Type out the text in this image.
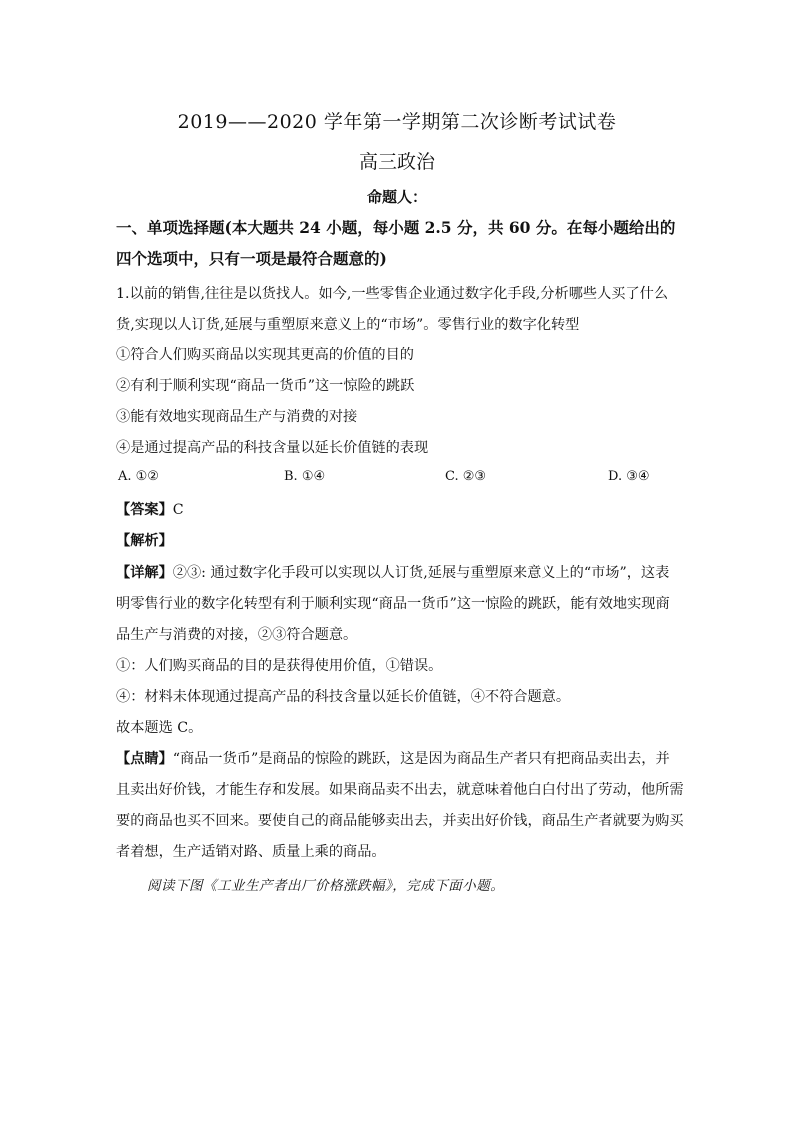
2019——2020 学年第一学期第二次诊断考试试卷
高三政治
命题人：
一、单项选择题(本大题共 24 小题，每小题 2.5 分，共 60 分。在每小题给出的
四个选项中，只有一项是最符合题意的)
1.以前的销售,往往是以货找人。如今,一些零售企业通过数字化手段,分析哪些人买了什么
货,实现以人订货,延展与重塑原来意义上的“市场”。零售行业的数字化转型
①符合人们购买商品以实现其更高的价值的目的
②有利于顺利实现“商品一货币”这一惊险的跳跃
③能有效地实现商品生产与消费的对接
④是通过提高产品的科技含量以延长价值链的表现
A. ①②	B. ①④	C. ②③	D. ③④
【答案】C
【解析】
【详解】②③: 通过数字化手段可以实现以人订货,延展与重塑原来意义上的“市场”，这表
明零售行业的数字化转型有利于顺利实现“商品一货币”这一惊险的跳跃，能有效地实现商
品生产与消费的对接，②③符合题意。
①：人们购买商品的目的是获得使用价值，①错误。
④：材料未体现通过提高产品的科技含量以延长价值链，④不符合题意。
故本题选 C。
【点睛】“商品一货币”是商品的惊险的跳跃，这是因为商品生产者只有把商品卖出去，并
且卖出好价钱，才能生存和发展。如果商品卖不出去，就意味着他白白付出了劳动，他所需
要的商品也买不回来。要使自己的商品能够卖出去，并卖出好价钱，商品生产者就要为购买
者着想，生产适销对路、质量上乘的商品。
阅读下图《工业生产者出厂价格涨跌幅》，完成下面小题。
